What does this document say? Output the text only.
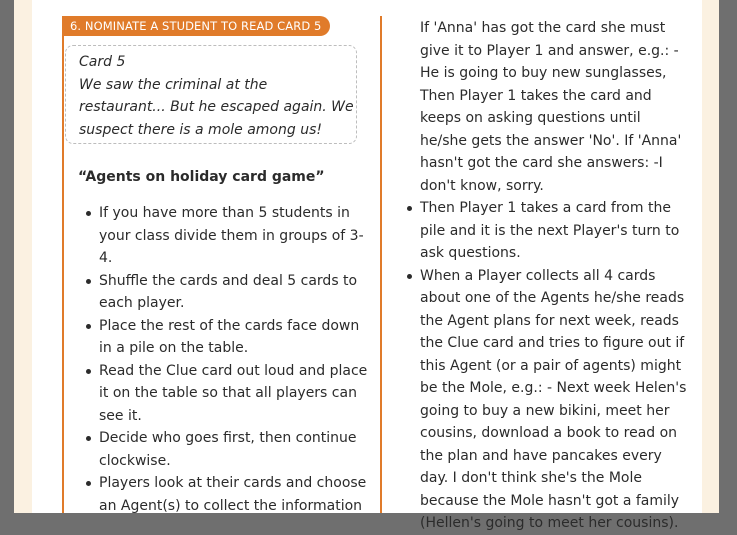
6. NOMINATE A STUDENT TO READ CARD 5
Card 5
We saw the criminal at the restaurant... But he escaped again. We suspect there is a mole among us!
“Agents on holiday card game”
If you have more than 5 students in your class divide them in groups of 3-4.
Shuffle the cards and deal 5 cards to each player.
Place the rest of the cards face down in a pile on the table.
Read the Clue card out loud and place it on the table so that all players can see it.
Decide who goes first, then continue clockwise.
Players look at their cards and choose an Agent(s) to collect the information
If 'Anna' has got the card she must give it to Player 1 and answer, e.g.: -He is going to buy new sunglasses, Then Player 1 takes the card and keeps on asking questions until he/she gets the answer 'No'. If 'Anna' hasn't got the card she answers: -I don't know, sorry.
Then Player 1 takes a card from the pile and it is the next Player's turn to ask questions.
When a Player collects all 4 cards about one of the Agents he/she reads the Agent plans for next week, reads the Clue card and tries to figure out if this Agent (or a pair of agents) might be the Mole, e.g.: - Next week Helen's going to buy a new bikini, meet her cousins, download a book to read on the plan and have pancakes every day. I don't think she's the Mole because the Mole hasn't got a family (Hellen's going to meet her cousins).
